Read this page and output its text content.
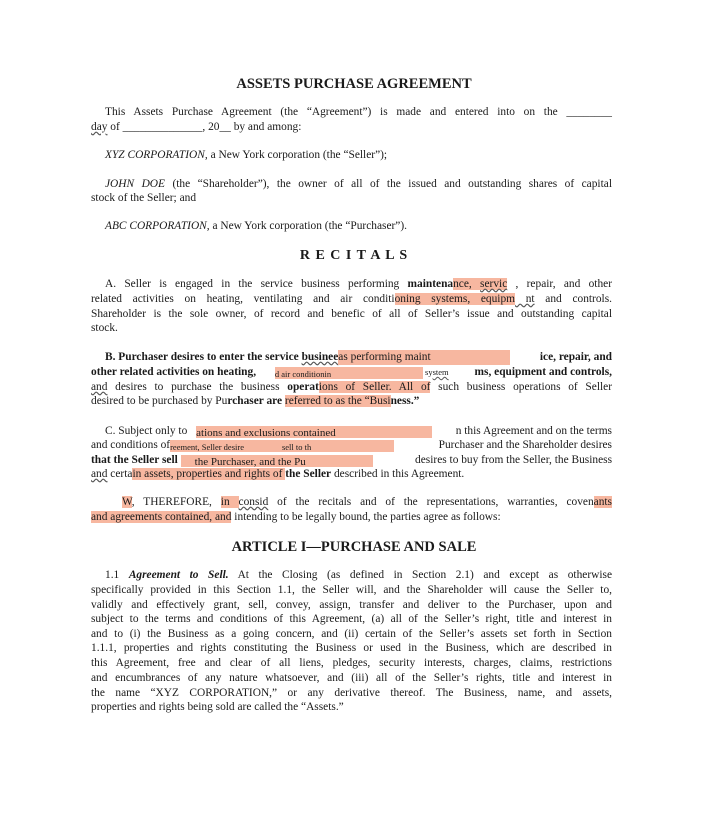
ASSETS PURCHASE AGREEMENT
This Assets Purchase Agreement (the “Agreement”) is made and entered into on the ________
day of ______________, 20__ by and among:
XYZ CORPORATION, a New York corporation (the “Seller”);
JOHN DOE (the “Shareholder”), the owner of all of the issued and outstanding shares of capital
stock of the Seller; and
ABC CORPORATION, a New York corporation (the “Purchaser”).
R E C I T A L S
A. Seller is engaged in the service business performing maintenance, servic , repair, and other
related activities on heating, ventilating and air conditioning systems, equipm nt and controls.
Shareholder is the sole owner, of record and benefic of all of Seller’s issue and outstanding capital
stock.
B. Purchaser desires to enter the service busineeas performing maint	ice, repair, and
other related activities on heating, d air conditionin	system ms, equipment and controls,
and desires to purchase the business operations of Seller. All of such business operations of Seller
desired to be purchased by Purchaser are referred to as the “Business.”
C. Subject only to ations and exclusions contained	n this Agreement and on the terms
and conditions ofreement, Seller desire	sell to th	Purchaser and the Shareholder desires
that the Seller sell the Purchaser, and the Pu	desires to buy from the Seller, the Business
and certain assets, properties and rights of the Seller described in this Agreement.
W, THEREFORE, in consid of the recitals and of the representations, warranties, covenants
and agreements contained, and intending to be legally bound, the parties agree as follows:
ARTICLE I—PURCHASE AND SALE
1.1 Agreement to Sell. At the Closing (as defined in Section 2.1) and except as otherwise
specifically provided in this Section 1.1, the Seller will, and the Shareholder will cause the Seller to,
validly and effectively grant, sell, convey, assign, transfer and deliver to the Purchaser, upon and
subject to the terms and conditions of this Agreement, (a) all of the Seller’s right, title and interest in
and to (i) the Business as a going concern, and (ii) certain of the Seller’s assets set forth in Section
1.1.1, properties and rights constituting the Business or used in the Business, which are described in
this Agreement, free and clear of all liens, pledges, security interests, charges, claims, restrictions
and encumbrances of any nature whatsoever, and (iii) all of the Seller’s rights, title and interest in
the name “XYZ CORPORATION,” or any derivative thereof. The Business, name, and assets,
properties and rights being sold are called the “Assets.”
